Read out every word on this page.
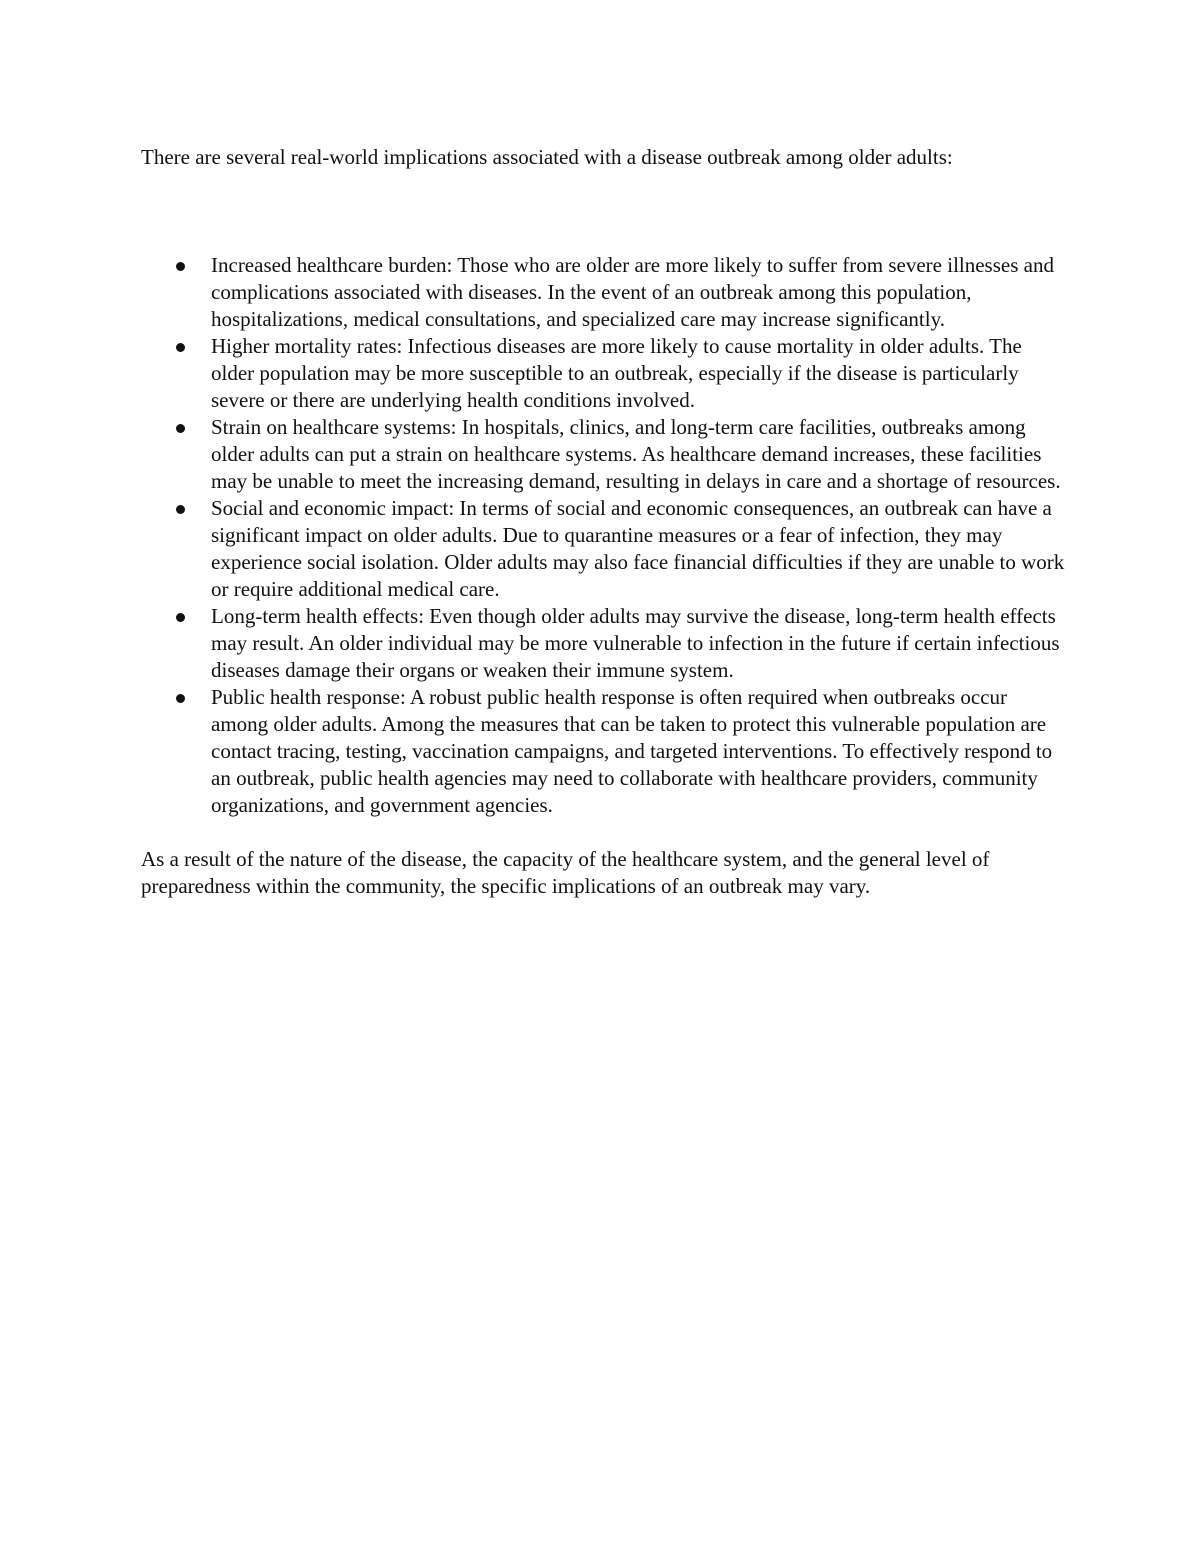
There are several real-world implications associated with a disease outbreak among older adults:

Increased healthcare burden: Those who are older are more likely to suffer from severe illnesses and complications associated with diseases. In the event of an outbreak among this population, hospitalizations, medical consultations, and specialized care may increase significantly.
Higher mortality rates: Infectious diseases are more likely to cause mortality in older adults. The older population may be more susceptible to an outbreak, especially if the disease is particularly severe or there are underlying health conditions involved.
Strain on healthcare systems: In hospitals, clinics, and long-term care facilities, outbreaks among older adults can put a strain on healthcare systems. As healthcare demand increases, these facilities may be unable to meet the increasing demand, resulting in delays in care and a shortage of resources.
Social and economic impact: In terms of social and economic consequences, an outbreak can have a significant impact on older adults. Due to quarantine measures or a fear of infection, they may experience social isolation. Older adults may also face financial difficulties if they are unable to work or require additional medical care.
Long-term health effects: Even though older adults may survive the disease, long-term health effects may result. An older individual may be more vulnerable to infection in the future if certain infectious diseases damage their organs or weaken their immune system.
Public health response: A robust public health response is often required when outbreaks occur among older adults. Among the measures that can be taken to protect this vulnerable population are contact tracing, testing, vaccination campaigns, and targeted interventions. To effectively respond to an outbreak, public health agencies may need to collaborate with healthcare providers, community organizations, and government agencies.

As a result of the nature of the disease, the capacity of the healthcare system, and the general level of preparedness within the community, the specific implications of an outbreak may vary.
